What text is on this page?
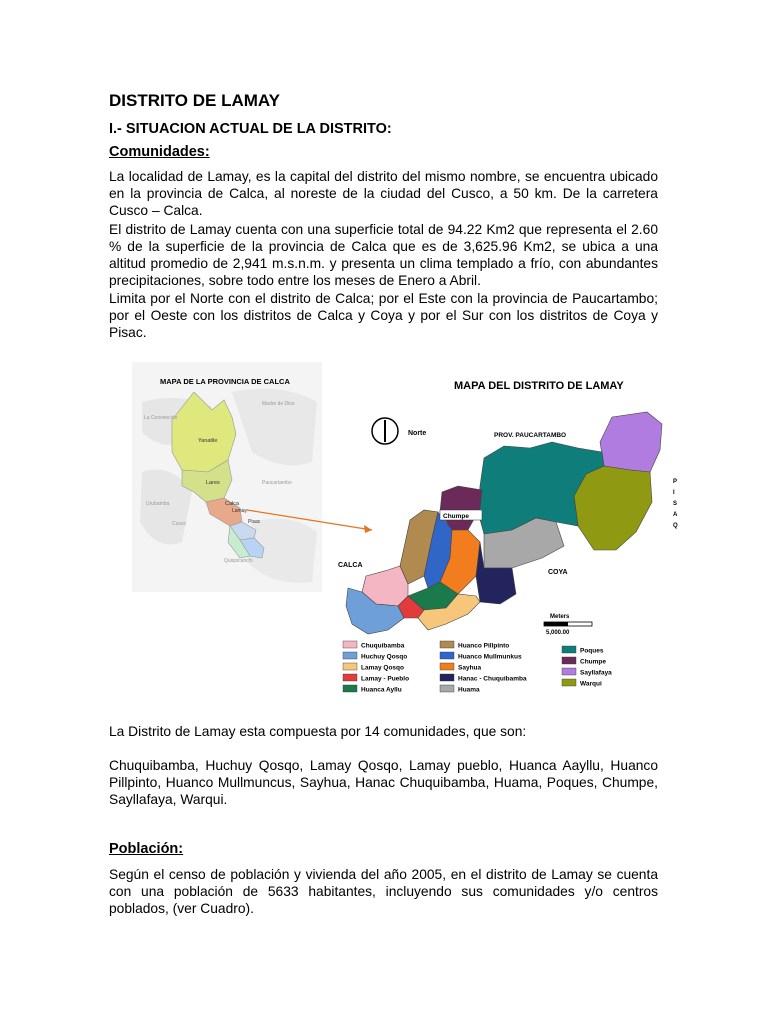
DISTRITO DE LAMAY
I.- SITUACION ACTUAL DE LA DISTRITO:
Comunidades:

La localidad de Lamay, es la capital del distrito del mismo nombre, se encuentra ubicado en la provincia de Calca, al noreste de la ciudad del Cusco, a 50 km. De la carretera Cusco – Calca.

El distrito de Lamay cuenta con una superficie total de 94.22 Km2 que representa el 2.60 % de la superficie de la provincia de Calca que es de 3,625.96 Km2, se ubica a una altitud promedio de 2,941 m.s.n.m. y presenta un clima templado a frío, con abundantes precipitaciones, sobre todo entre los meses de Enero a Abril.

Limita por el Norte con el distrito de Calca; por el Este con la provincia de Paucartambo; por el Oeste con los distritos de Calca y Coya y por el Sur con los distritos de Coya y Pisac.

MAPA DE LA PROVINCIA DE CALCA
La Convención
Madre de Dios
Yanatile
Lares	Paucartambo
Urubamba	Calca
Lamay
Pisac
Cusco
Quispicanchi
MAPA DEL DISTRITO DE LAMAY
Norte	PROV. PAUCARTAMBO
P
I
S
A
Q
Chumpe
CALCA
COYA
Meters
5,000.00
Chuquibamba
Huchuy Qosqo
Lamay Qosqo
Lamay - Pueblo
Huanca Ayllu
Huanco Pillpinto
Huanco Mullmunkus
Sayhua
Hanac - Chuquibamba
Huama
Poques
Chumpe
Sayllafaya
Warqui

La Distrito de Lamay esta compuesta por 14 comunidades, que son:

Chuquibamba, Huchuy Qosqo, Lamay Qosqo, Lamay pueblo, Huanca Aayllu, Huanco Pillpinto, Huanco Mullmuncus, Sayhua, Hanac Chuquibamba, Huama, Poques, Chumpe, Sayllafaya, Warqui.

Población:

Según el censo de población y vivienda del año 2005, en el distrito de Lamay se cuenta con una población de 5633 habitantes, incluyendo sus comunidades y/o centros poblados, (ver Cuadro).
